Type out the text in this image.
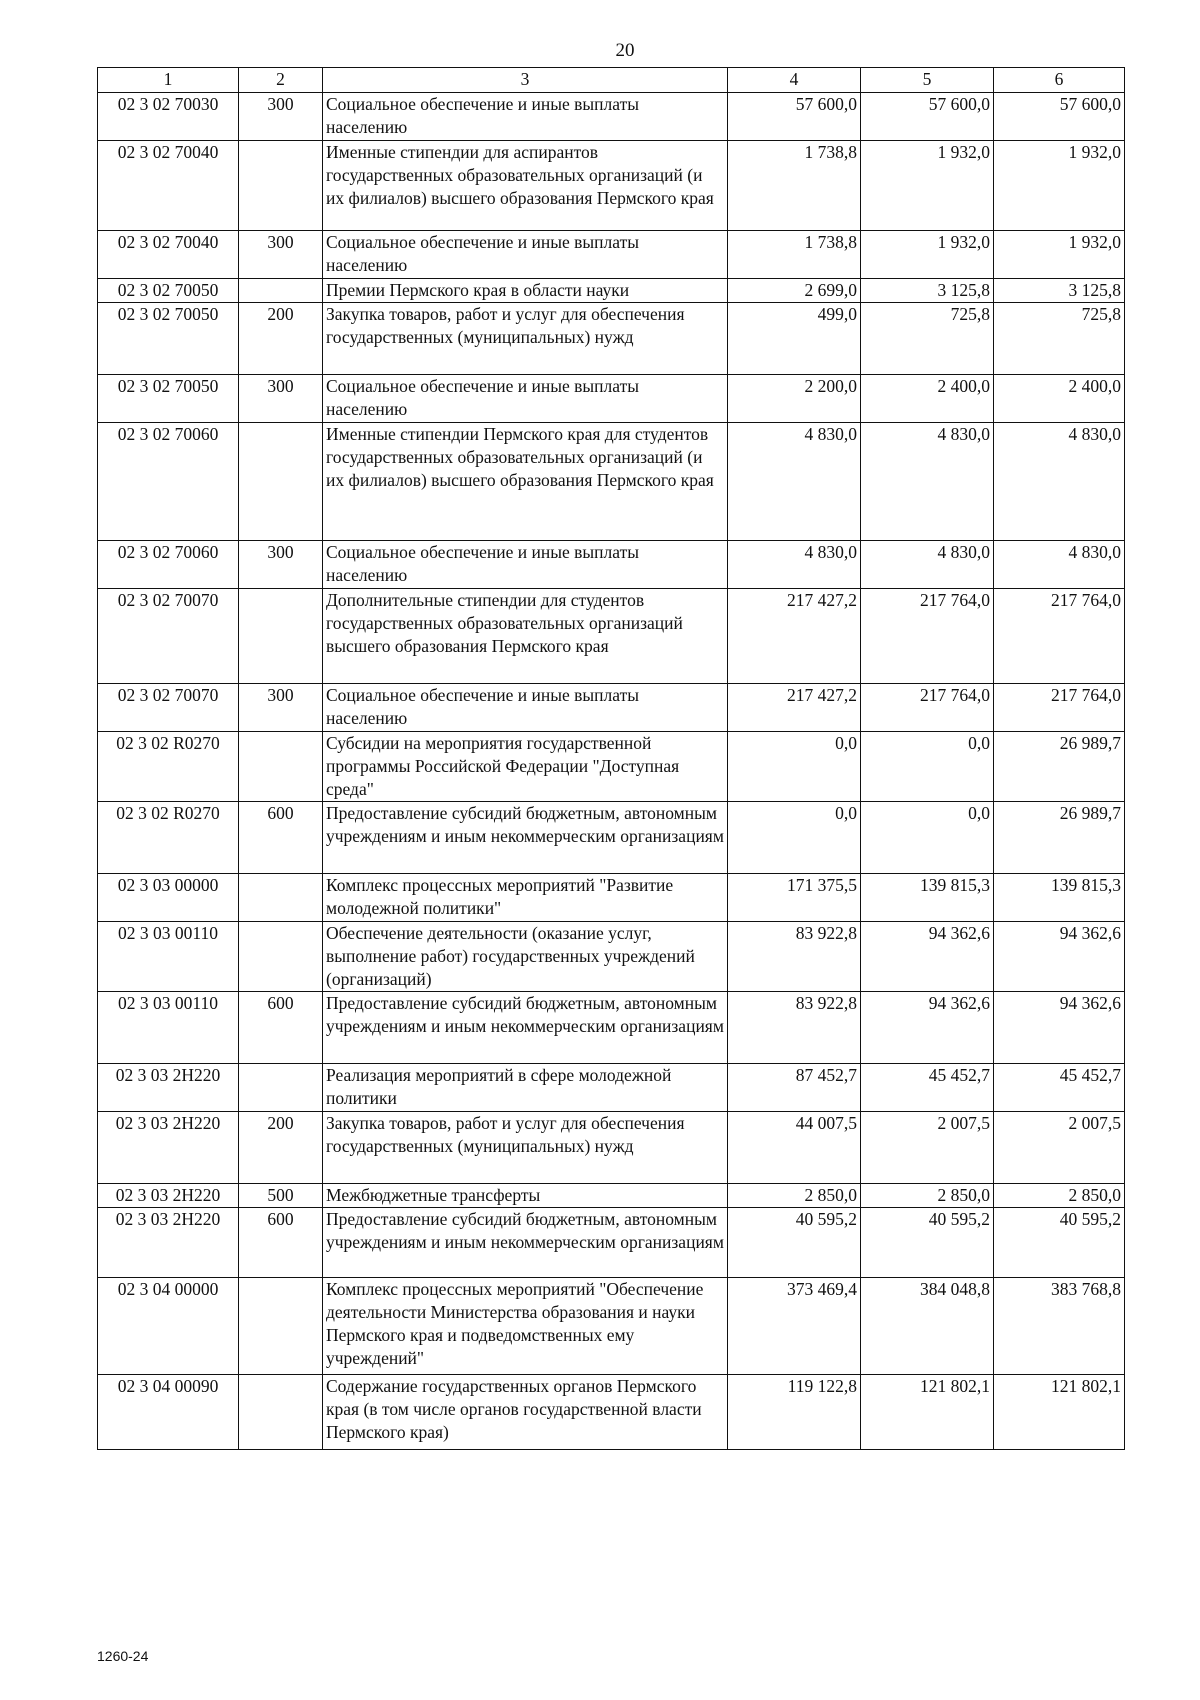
20
1	2	3	4	5	6
02 3 02 70030	300	Социальное обеспечение и иные выплаты населению	57 600,0	57 600,0	57 600,0
02 3 02 70040		Именные стипендии для аспирантов государственных образовательных организаций (и их филиалов) высшего образования Пермского края	1 738,8	1 932,0	1 932,0
02 3 02 70040	300	Социальное обеспечение и иные выплаты населению	1 738,8	1 932,0	1 932,0
02 3 02 70050		Премии Пермского края в области науки	2 699,0	3 125,8	3 125,8
02 3 02 70050	200	Закупка товаров, работ и услуг для обеспечения государственных (муниципальных) нужд	499,0	725,8	725,8
02 3 02 70050	300	Социальное обеспечение и иные выплаты населению	2 200,0	2 400,0	2 400,0
02 3 02 70060		Именные стипендии Пермского края для студентов государственных образовательных организаций (и их филиалов) высшего образования Пермского края	4 830,0	4 830,0	4 830,0
02 3 02 70060	300	Социальное обеспечение и иные выплаты населению	4 830,0	4 830,0	4 830,0
02 3 02 70070		Дополнительные стипендии для студентов государственных образовательных организаций высшего образования Пермского края	217 427,2	217 764,0	217 764,0
02 3 02 70070	300	Социальное обеспечение и иные выплаты населению	217 427,2	217 764,0	217 764,0
02 3 02 R0270		Субсидии на мероприятия государственной программы Российской Федерации "Доступная среда"	0,0	0,0	26 989,7
02 3 02 R0270	600	Предоставление субсидий бюджетным, автономным учреждениям и иным некоммерческим организациям	0,0	0,0	26 989,7
02 3 03 00000		Комплекс процессных мероприятий "Развитие молодежной политики"	171 375,5	139 815,3	139 815,3
02 3 03 00110		Обеспечение деятельности (оказание услуг, выполнение работ) государственных учреждений (организаций)	83 922,8	94 362,6	94 362,6
02 3 03 00110	600	Предоставление субсидий бюджетным, автономным учреждениям и иным некоммерческим организациям	83 922,8	94 362,6	94 362,6
02 3 03 2Н220		Реализация мероприятий в сфере молодежной политики	87 452,7	45 452,7	45 452,7
02 3 03 2Н220	200	Закупка товаров, работ и услуг для обеспечения государственных (муниципальных) нужд	44 007,5	2 007,5	2 007,5
02 3 03 2Н220	500	Межбюджетные трансферты	2 850,0	2 850,0	2 850,0
02 3 03 2Н220	600	Предоставление субсидий бюджетным, автономным учреждениям и иным некоммерческим организациям	40 595,2	40 595,2	40 595,2
02 3 04 00000		Комплекс процессных мероприятий "Обеспечение деятельности Министерства образования и науки Пермского края и подведомственных ему учреждений"	373 469,4	384 048,8	383 768,8
02 3 04 00090		Содержание государственных органов Пермского края (в том числе органов государственной власти Пермского края)	119 122,8	121 802,1	121 802,1
1260-24
